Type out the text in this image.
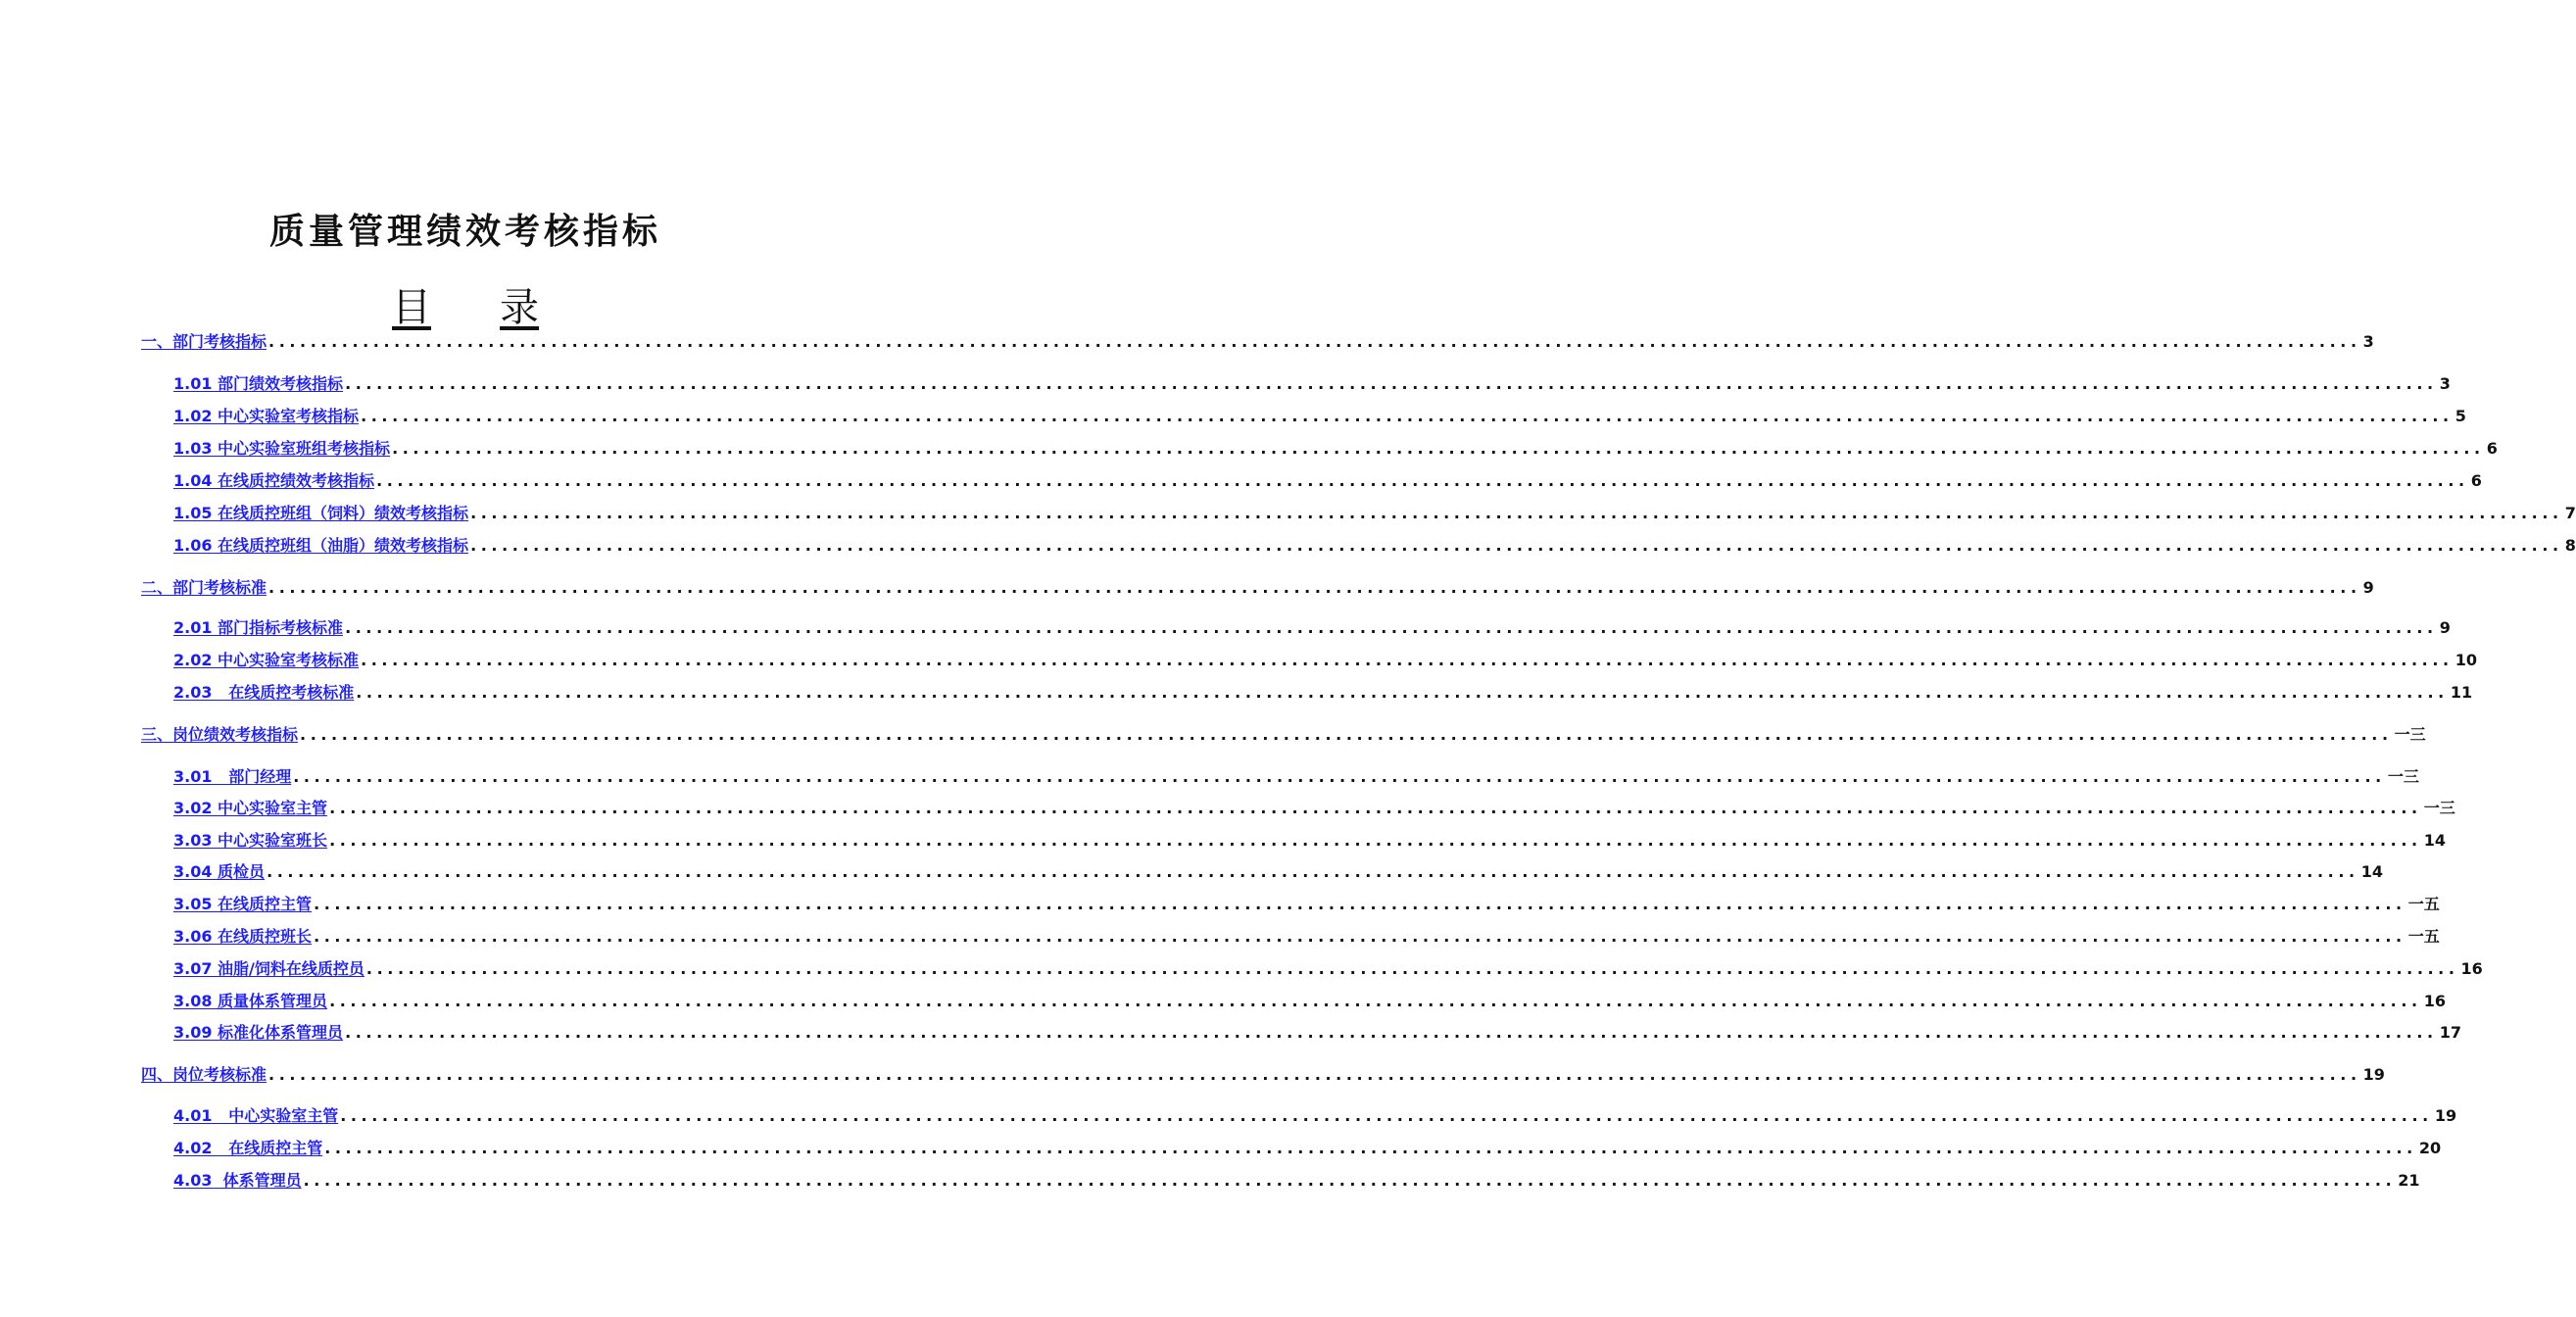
质量管理绩效考核指标
目 录
一、部门考核指标 ........................................................................................................................................................................................................ 3
1.01 部门绩效考核指标 ........................................................................................................................................................................................................ 3
1.02 中心实验室考核指标 ........................................................................................................................................................................................................ 5
1.03 中心实验室班组考核指标 ........................................................................................................................................................................................................ 6
1.04 在线质控绩效考核指标 ........................................................................................................................................................................................................ 6
1.05 在线质控班组（饲料）绩效考核指标 ........................................................................................................................................................................................................ 7
1.06 在线质控班组（油脂）绩效考核指标 ........................................................................................................................................................................................................ 8
二、部门考核标准 ........................................................................................................................................................................................................ 9
2.01 部门指标考核标准 ........................................................................................................................................................................................................ 9
2.02 中心实验室考核标准 ........................................................................................................................................................................................................ 10
2.03   在线质控考核标准 ........................................................................................................................................................................................................ 11
三、岗位绩效考核指标 ........................................................................................................................................................................................................ 一三
3.01   部门经理 ........................................................................................................................................................................................................ 一三
3.02 中心实验室主管 ........................................................................................................................................................................................................ 一三
3.03 中心实验室班长 ........................................................................................................................................................................................................ 14
3.04 质检员 ........................................................................................................................................................................................................ 14
3.05 在线质控主管 ........................................................................................................................................................................................................ 一五
3.06 在线质控班长 ........................................................................................................................................................................................................ 一五
3.07 油脂/饲料在线质控员 ........................................................................................................................................................................................................ 16
3.08 质量体系管理员 ........................................................................................................................................................................................................ 16
3.09 标准化体系管理员 ........................................................................................................................................................................................................ 17
四、岗位考核标准 ........................................................................................................................................................................................................ 19
4.01   中心实验室主管 ........................................................................................................................................................................................................ 19
4.02   在线质控主管 ........................................................................................................................................................................................................ 20
4.03  体系管理员 ........................................................................................................................................................................................................ 21
